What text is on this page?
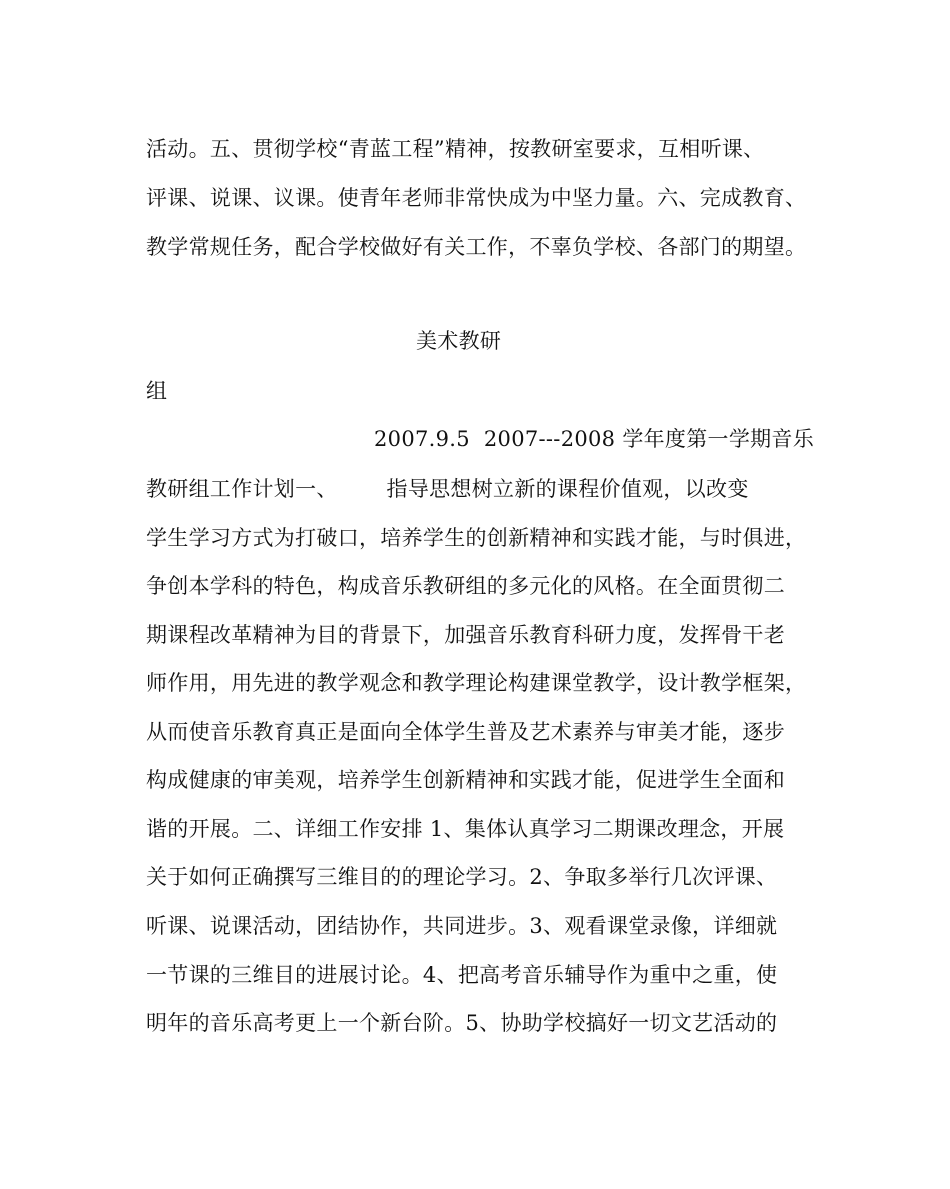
活动。五、贯彻学校“青蓝工程”精神，按教研室要求，互相听课、
评课、说课、议课。使青年老师非常快成为中坚力量。六、完成教育、
教学常规任务，配合学校做好有关工作，不辜负学校、各部门的期望。
美术教研
组
2007.9.5  2007---2008 学年度第一学期音乐
教研组工作计划一、       指导思想树立新的课程价值观，以改变
学生学习方式为打破口，培养学生的创新精神和实践才能，与时俱进，
争创本学科的特色，构成音乐教研组的多元化的风格。在全面贯彻二
期课程改革精神为目的背景下，加强音乐教育科研力度，发挥骨干老
师作用，用先进的教学观念和教学理论构建课堂教学，设计教学框架，
从而使音乐教育真正是面向全体学生普及艺术素养与审美才能，逐步
构成健康的审美观，培养学生创新精神和实践才能，促进学生全面和
谐的开展。二、详细工作安排 1、集体认真学习二期课改理念，开展
关于如何正确撰写三维目的的理论学习。2、争取多举行几次评课、
听课、说课活动，团结协作，共同进步。3、观看课堂录像，详细就
一节课的三维目的进展讨论。4、把高考音乐辅导作为重中之重，使
明年的音乐高考更上一个新台阶。5、协助学校搞好一切文艺活动的
